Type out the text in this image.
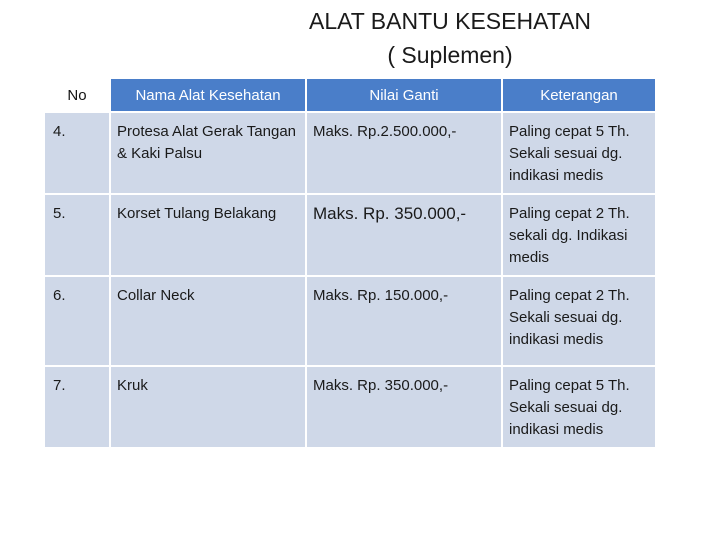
ALAT BANTU KESEHATAN
( Suplemen)
No	Nama Alat Kesehatan	Nilai Ganti	Keterangan
4.	Protesa Alat Gerak Tangan & Kaki Palsu	Maks. Rp.2.500.000,-	Paling cepat 5 Th. Sekali sesuai dg. indikasi medis
5.	Korset Tulang Belakang	Maks. Rp. 350.000,-	Paling cepat 2 Th. sekali dg. Indikasi medis
6.	Collar Neck	Maks. Rp. 150.000,-	Paling cepat 2 Th. Sekali sesuai dg. indikasi medis
7.	Kruk	Maks. Rp. 350.000,-	Paling cepat 5 Th. Sekali sesuai dg. indikasi medis
